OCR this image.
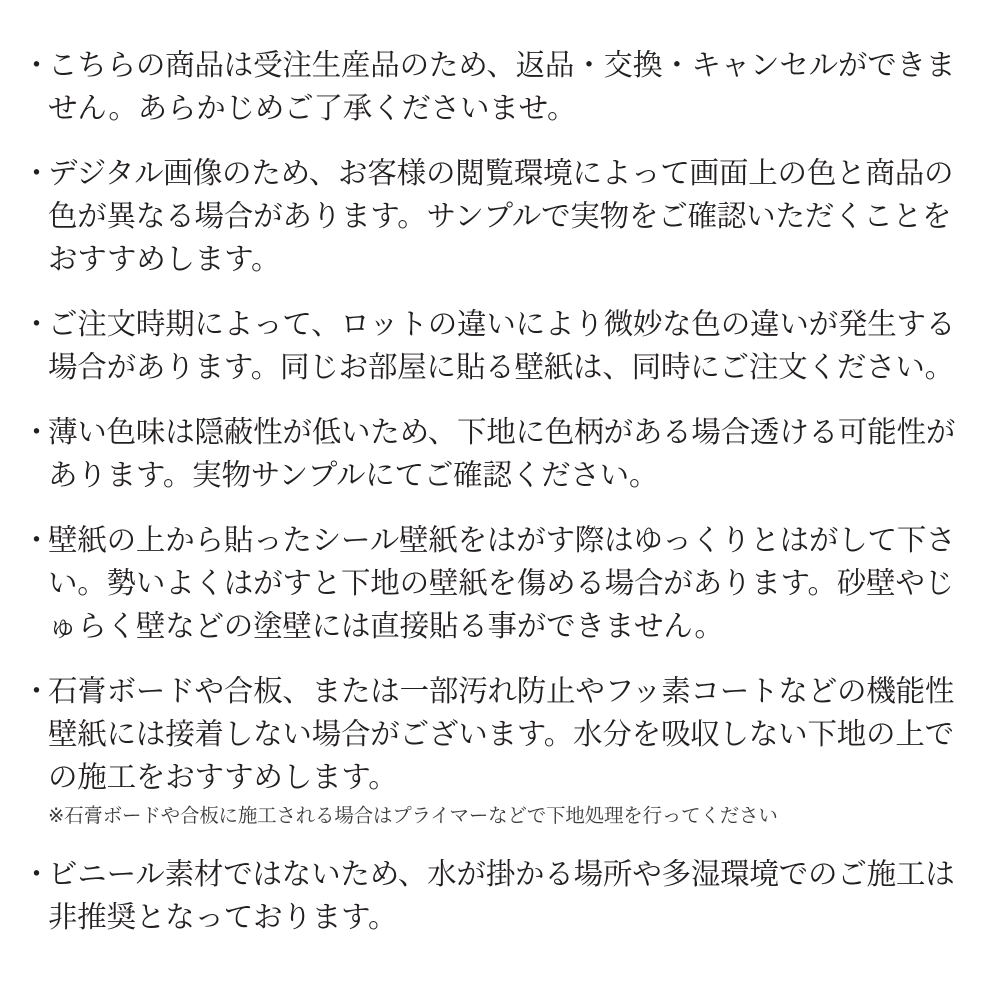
・
こちらの商品は受注生産品のため、返品・交換・キャンセルができません。あらかじめご了承くださいませ。
・
デジタル画像のため、お客様の閲覧環境によって画面上の色と商品の色が異なる場合があります。サンプルで実物をご確認いただくことをおすすめします。
・
ご注文時期によって、ロットの違いにより微妙な色の違いが発生する場合があります。同じお部屋に貼る壁紙は、同時にご注文ください。
・
薄い色味は隠蔽性が低いため、下地に色柄がある場合透ける可能性があります。実物サンプルにてご確認ください。
・
壁紙の上から貼ったシール壁紙をはがす際はゆっくりとはがして下さい。勢いよくはがすと下地の壁紙を傷める場合があります。砂壁やじゅらく壁などの塗壁には直接貼る事ができません。
・
石膏ボードや合板、または一部汚れ防止やフッ素コートなどの機能性壁紙には接着しない場合がございます。水分を吸収しない下地の上での施工をおすすめします。
※石膏ボードや合板に施工される場合はプライマーなどで下地処理を行ってください
・
ビニール素材ではないため、水が掛かる場所や多湿環境でのご施工は非推奨となっております。
